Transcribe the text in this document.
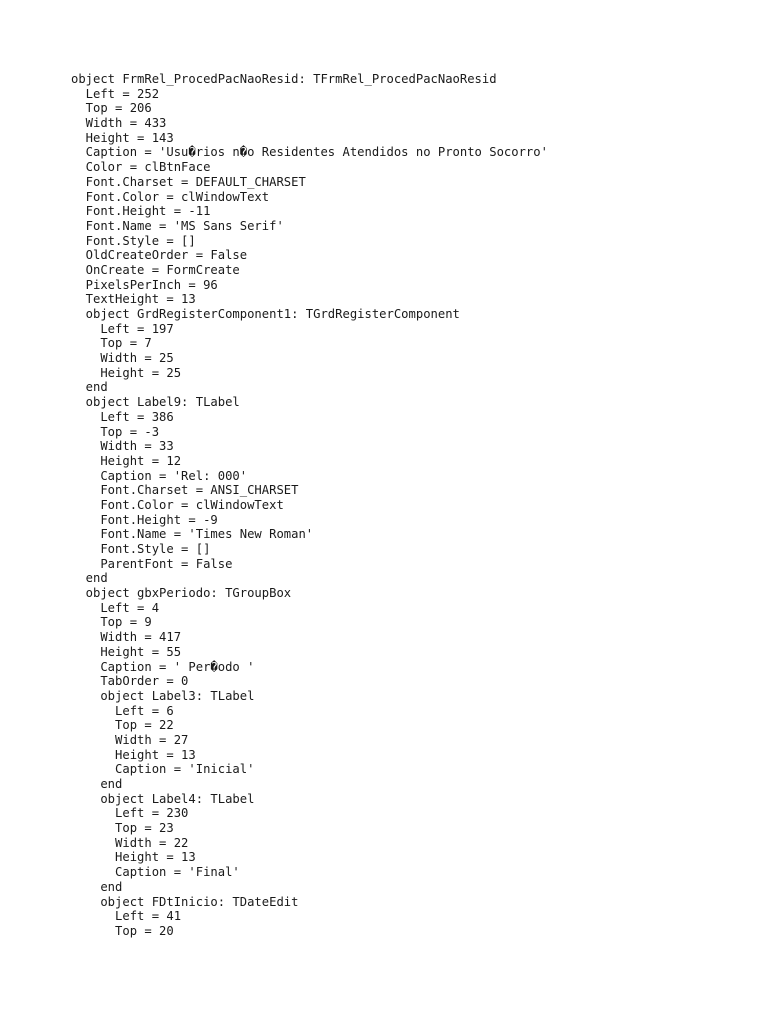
object FrmRel_ProcedPacNaoResid: TFrmRel_ProcedPacNaoResid
Left = 252
Top = 206
Width = 433
Height = 143
Caption = 'Usu�rios n�o Residentes Atendidos no Pronto Socorro'
Color = clBtnFace
Font.Charset = DEFAULT_CHARSET
Font.Color = clWindowText
Font.Height = -11
Font.Name = 'MS Sans Serif'
Font.Style = []
OldCreateOrder = False
OnCreate = FormCreate
PixelsPerInch = 96
TextHeight = 13
object GrdRegisterComponent1: TGrdRegisterComponent
Left = 197
Top = 7
Width = 25
Height = 25
end
object Label9: TLabel
Left = 386
Top = -3
Width = 33
Height = 12
Caption = 'Rel: 000'
Font.Charset = ANSI_CHARSET
Font.Color = clWindowText
Font.Height = -9
Font.Name = 'Times New Roman'
Font.Style = []
ParentFont = False
end
object gbxPeriodo: TGroupBox
Left = 4
Top = 9
Width = 417
Height = 55
Caption = ' Per�odo '
TabOrder = 0
object Label3: TLabel
Left = 6
Top = 22
Width = 27
Height = 13
Caption = 'Inicial'
end
object Label4: TLabel
Left = 230
Top = 23
Width = 22
Height = 13
Caption = 'Final'
end
object FDtInicio: TDateEdit
Left = 41
Top = 20
